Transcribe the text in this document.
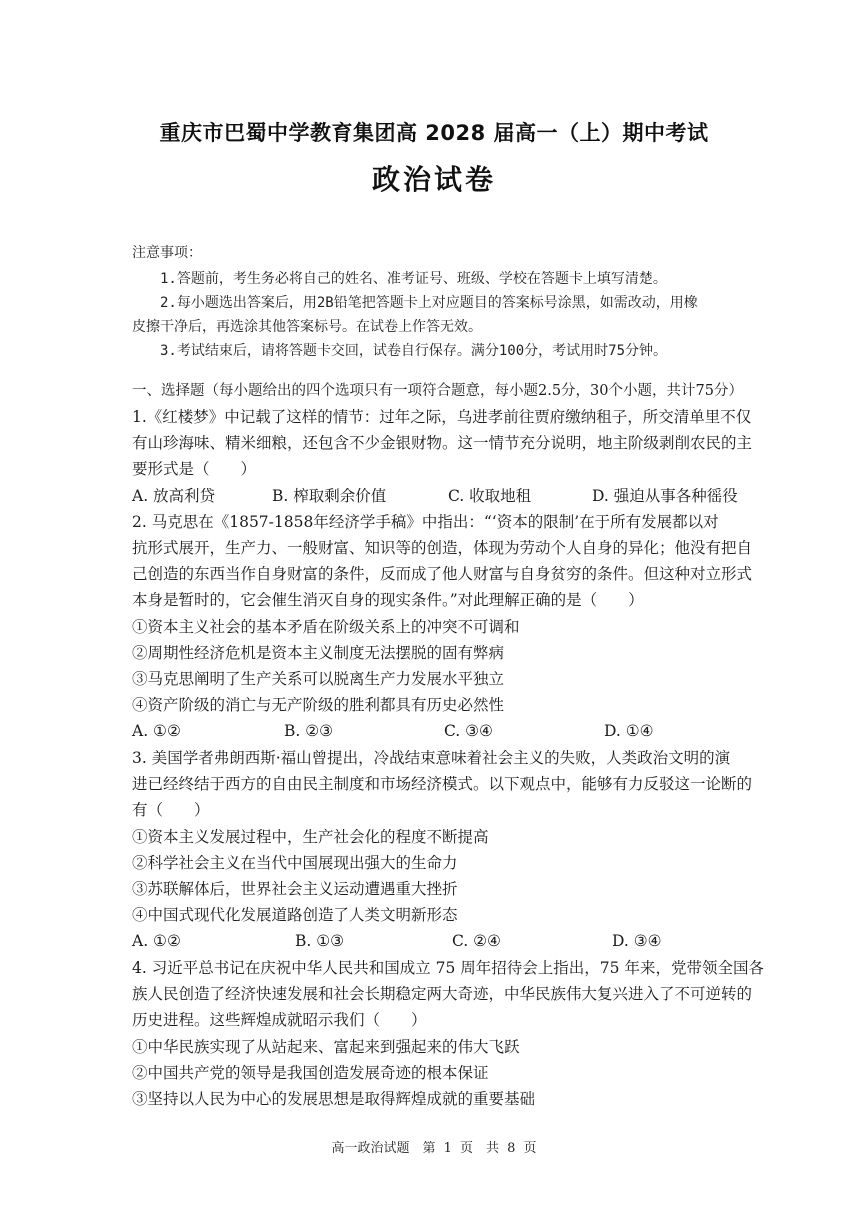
重庆市巴蜀中学教育集团高 2028 届高一（上）期中考试
政治试卷
注意事项：
1.答题前，考生务必将自己的姓名、准考证号、班级、学校在答题卡上填写清楚。
2.每小题选出答案后，用2B铅笔把答题卡上对应题目的答案标号涂黑，如需改动，用橡
皮擦干净后，再选涂其他答案标号。在试卷上作答无效。
3.考试结束后，请将答题卡交回，试卷自行保存。满分100分，考试用时75分钟。
一、选择题（每小题给出的四个选项只有一项符合题意，每小题2.5分，30个小题，共计75分）
1.《红楼梦》中记载了这样的情节：过年之际，乌进孝前往贾府缴纳租子，所交清单里不仅
有山珍海味、精米细粮，还包含不少金银财物。这一情节充分说明，地主阶级剥削农民的主
要形式是（　　）
A. 放高利贷	B. 榨取剩余价值	C. 收取地租	D. 强迫从事各种徭役
2. 马克思在《1857-1858年经济学手稿》中指出：“‘资本的限制’在于所有发展都以对
抗形式展开，生产力、一般财富、知识等的创造，体现为劳动个人自身的异化；他没有把自
己创造的东西当作自身财富的条件，反而成了他人财富与自身贫穷的条件。但这种对立形式
本身是暂时的，它会催生消灭自身的现实条件。”对此理解正确的是（　　）
①资本主义社会的基本矛盾在阶级关系上的冲突不可调和
②周期性经济危机是资本主义制度无法摆脱的固有弊病
③马克思阐明了生产关系可以脱离生产力发展水平独立
④资产阶级的消亡与无产阶级的胜利都具有历史必然性
A. ①②	B. ②③	C. ③④	D. ①④
3. 美国学者弗朗西斯·福山曾提出，冷战结束意味着社会主义的失败，人类政治文明的演
进已经终结于西方的自由民主制度和市场经济模式。以下观点中，能够有力反驳这一论断的
有（　　）
①资本主义发展过程中，生产社会化的程度不断提高
②科学社会主义在当代中国展现出强大的生命力
③苏联解体后，世界社会主义运动遭遇重大挫折
④中国式现代化发展道路创造了人类文明新形态
A. ①②	B. ①③	C. ②④	D. ③④
4. 习近平总书记在庆祝中华人民共和国成立 75 周年招待会上指出，75 年来，党带领全国各
族人民创造了经济快速发展和社会长期稳定两大奇迹，中华民族伟大复兴进入了不可逆转的
历史进程。这些辉煌成就昭示我们（　　）
①中华民族实现了从站起来、富起来到强起来的伟大飞跃
②中国共产党的领导是我国创造发展奇迹的根本保证
③坚持以人民为中心的发展思想是取得辉煌成就的重要基础
高一政治试题　第 1 页　共 8 页
